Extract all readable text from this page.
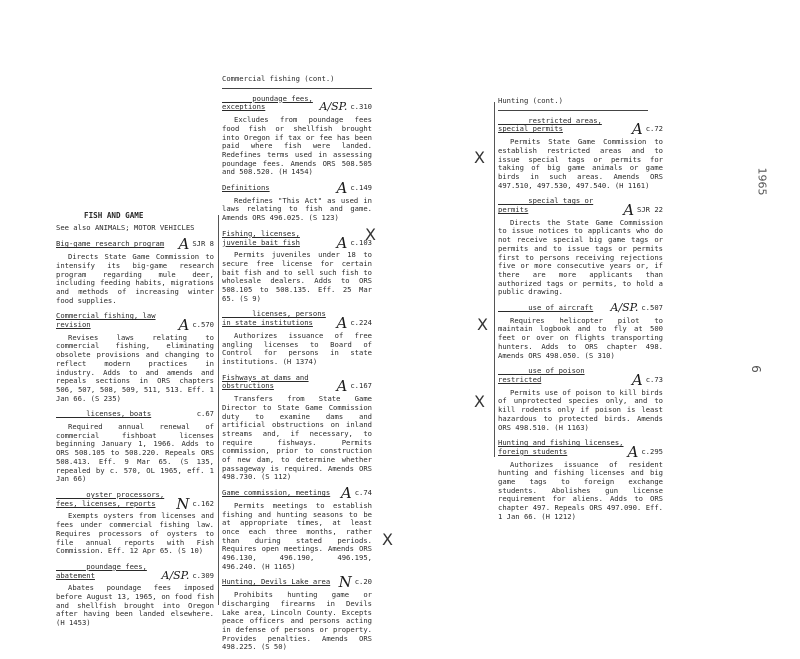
FISH AND GAME
See also ANIMALS; MOTOR VEHICLES
Big-game research program A SJR 8
Directs State Game Commission to intensify its big-game research program regarding mule deer, including feeding habits, migrations and methods of increasing winter food supplies.
Commercial fishing, law revision	A c.570
Revises laws relating to commercial fishing, eliminating obsolete provisions and changing to reflect modern practices in industry. Adds to and amends and repeals sections in ORS chapters 506, 507, 508, 509, 511, 513. Eff. 1 Jan 66. (S 235)
______ licenses, boats	c.67
Required annual renewal of commercial fishboat licenses beginning January 1, 1966. Adds to ORS 508.105 to 508.220. Repeals ORS 508.413. Eff. 9 Mar 65. (S 135, repealed by c. 570, OL 1965, eff. 1 Jan 66)
______ oyster processors, fees, licenses, reports	N c.162
Exempts oysters from licenses and fees under commercial fishing law. Requires processors of oysters to file annual reports with Fish Commission. Eff. 12 Apr 65. (S 10)
______ poundage fees, abatement	A/SP. c.309
Abates poundage fees imposed before August 13, 1965, on food fish and shellfish brought into Oregon after having been landed elsewhere. (H 1453)
Commercial fishing (cont.)
______ poundage fees, exceptions	A/SP. c.310
Excludes from poundage fees food fish or shellfish brought into Oregon if tax or fee has been paid where fish were landed. Redefines terms used in assessing poundage fees. Amends ORS 508.505 and 508.520. (H 1454)
Definitions	A c.149
Redefines "This Act" as used in laws relating to fish and game. Amends ORS 496.025. (S 123)
Fishing, licenses, juvenile bait fish	A c.103
Permits juveniles under 18 to secure free license for certain bait fish and to sell such fish to wholesale dealers. Adds to ORS 508.105 to 508.135. Eff. 25 Mar 65. (S 9)
______ licenses, persons in state institutions	A c.224
Authorizes issuance of free angling licenses to Board of Control for persons in state institutions. (H 1374)
Fishways at dams and obstructions	A c.167
Transfers from State Game Director to State Game Commission duty to examine dams and artificial obstructions on inland streams and, if necessary, to require fishways. Permits commission, prior to construction of new dam, to determine whether passageway is required. Amends ORS 498.730. (S 112)
Game commission, meetings A c.74
Permits meetings to establish fishing and hunting seasons to be at appropriate times, at least once each three months, rather than during stated periods. Requires open meetings. Amends ORS 496.130, 496.190, 496.195, 496.240. (H 1165)
Hunting, Devils Lake area N c.20
Prohibits hunting game or discharging firearms in Devils Lake area, Lincoln County. Excepts peace officers and persons acting in defense of persons or property. Provides penalties. Amends ORS 498.225. (S 50)
Hunting (cont.)
______ restricted areas, special permits	A c.72
Permits State Game Commission to establish restricted areas and to issue special tags or permits for taking of big game animals or game birds in such areas. Amends ORS 497.510, 497.530, 497.540. (H 1161)
______ special tags or permits	A SJR 22
Directs the State Game Commission to issue notices to applicants who do not receive special big game tags or permits and to issue tags or permits first to persons receiving rejections five or more consecutive years or, if there are more applicants than authorized tags or permits, to hold a public drawing.
______ use of aircraft A/SP. c.507
Requires helicopter pilot to maintain logbook and to fly at 500 feet or over on flights transporting hunters. Adds to ORS chapter 498. Amends ORS 498.050. (S 310)
______ use of poison restricted	A c.73
Permits use of poison to kill birds of unprotected species only, and to kill rodents only if poison is least hazardous to protected birds. Amends ORS 498.510. (H 1163)
Hunting and fishing licenses, foreign students	A c.295
Authorizes issuance of resident hunting and fishing licenses and big game tags to foreign exchange students. Abolishes gun license requirement for aliens. Adds to ORS chapter 497. Repeals ORS 497.090. Eff. 1 Jan 66. (H 1212)
X
X
X
X
X
1965
6
